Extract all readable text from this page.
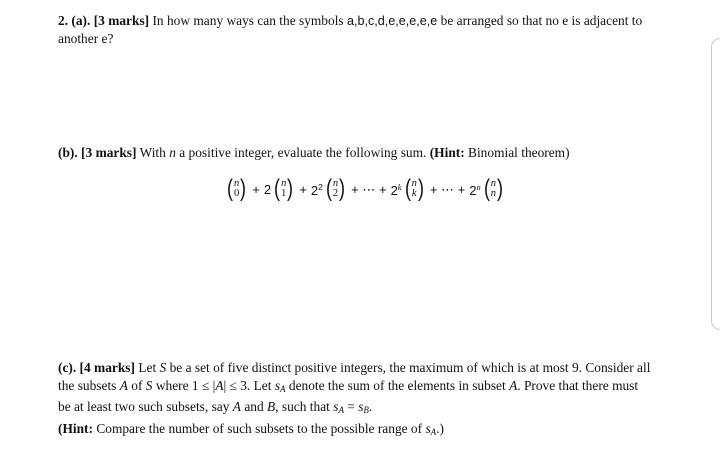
2. (a). [3 marks] In how many ways can the symbols a,b,c,d,e,e,e,e,e be arranged so that no e is adjacent to
another e?
(b). [3 marks] With n a positive integer, evaluate the following sum. (Hint: Binomial theorem)
( n
0 ) + 2 ( n
1 ) + $2^2$ ( n
2 ) + ⋯ + $2^k$ ( n
k ) + ⋯ + $2^n$ ( n
n )
(c). [4 marks] Let S be a set of five distinct positive integers, the maximum of which is at most 9. Consider all
the subsets A of S where 1 ≤ |A| ≤ 3. Let $s_A$ denote the sum of the elements in subset A. Prove that there must
be at least two such subsets, say A and B, such that $s_A = s_B$.
(Hint: Compare the number of such subsets to the possible range of $s_A$.)
